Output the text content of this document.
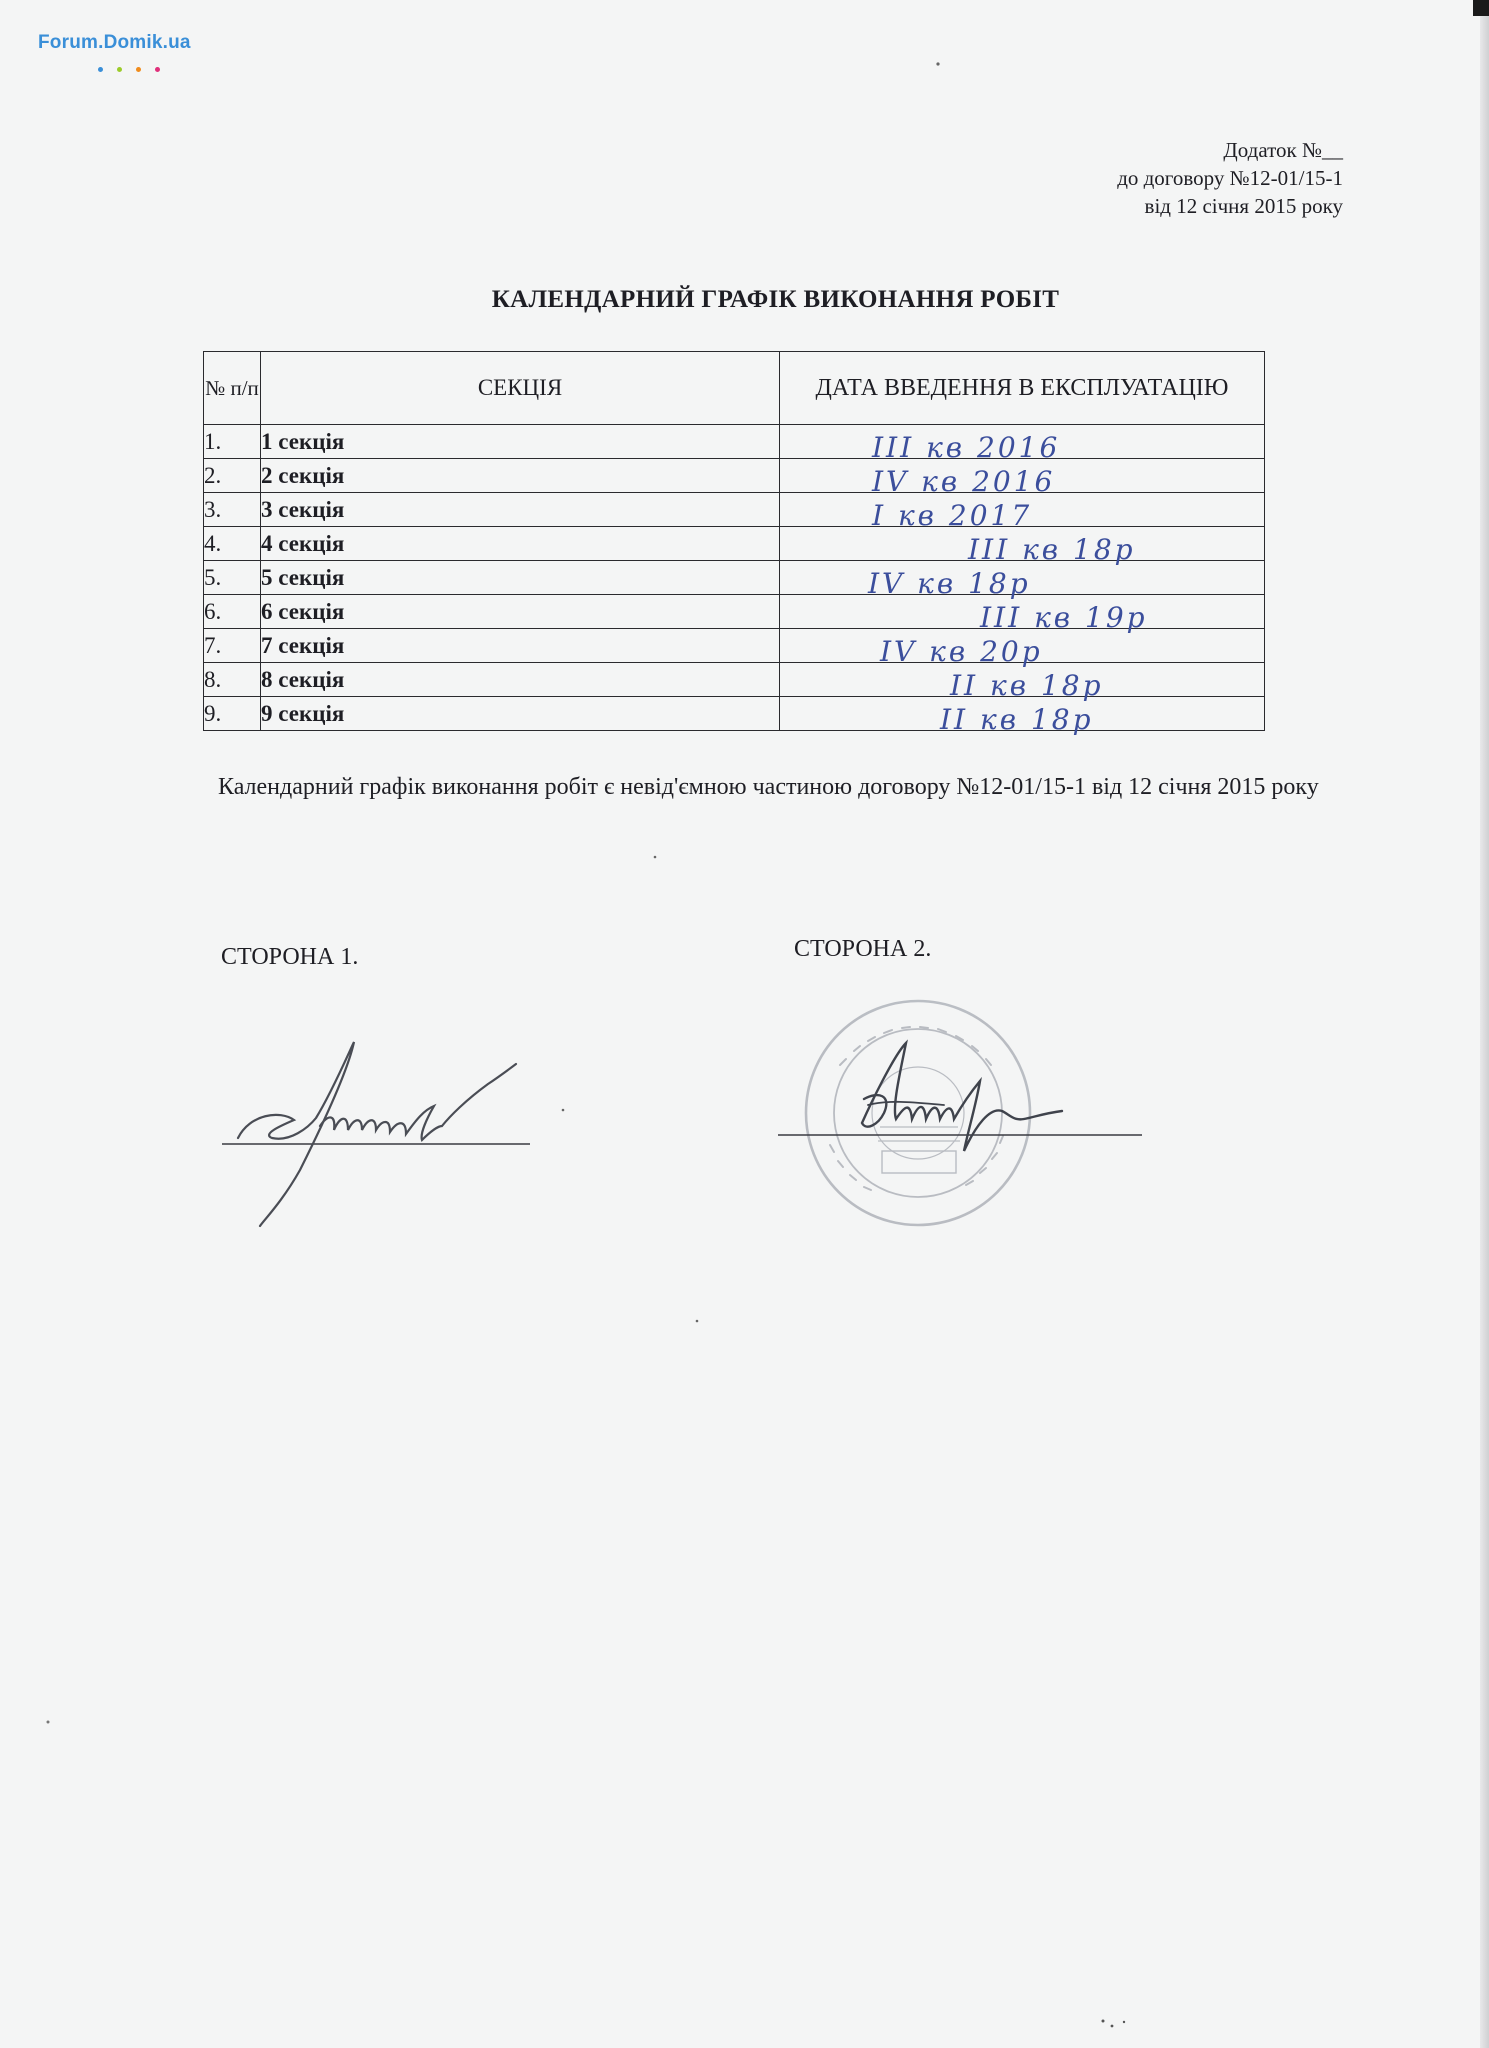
Forum.Domik.ua
Додаток №__
до договору №12-01/15-1
від 12 січня 2015 року
КАЛЕНДАРНИЙ ГРАФІК ВИКОНАННЯ РОБІТ
№ п/п	СЕКЦІЯ	ДАТА ВВЕДЕННЯ В ЕКСПЛУАТАЦІЮ
1.	1 секція	III кв 2016

2.	2 секція	IV кв 2016

3.	3 секція	I кв 2017

4.	4 секція	III кв 18р

5.	5 секція	IV кв 18р

6.	6 секція	III кв 19р

7.	7 секція	IV кв 20р

8.	8 секція	II кв 18р

9.	9 секція	II кв 18р
Календарний графік виконання робіт є невід'ємною частиною договору №12-01/15-1 від 12 січня 2015 року
СТОРОНА 1.	СТОРОНА 2.
